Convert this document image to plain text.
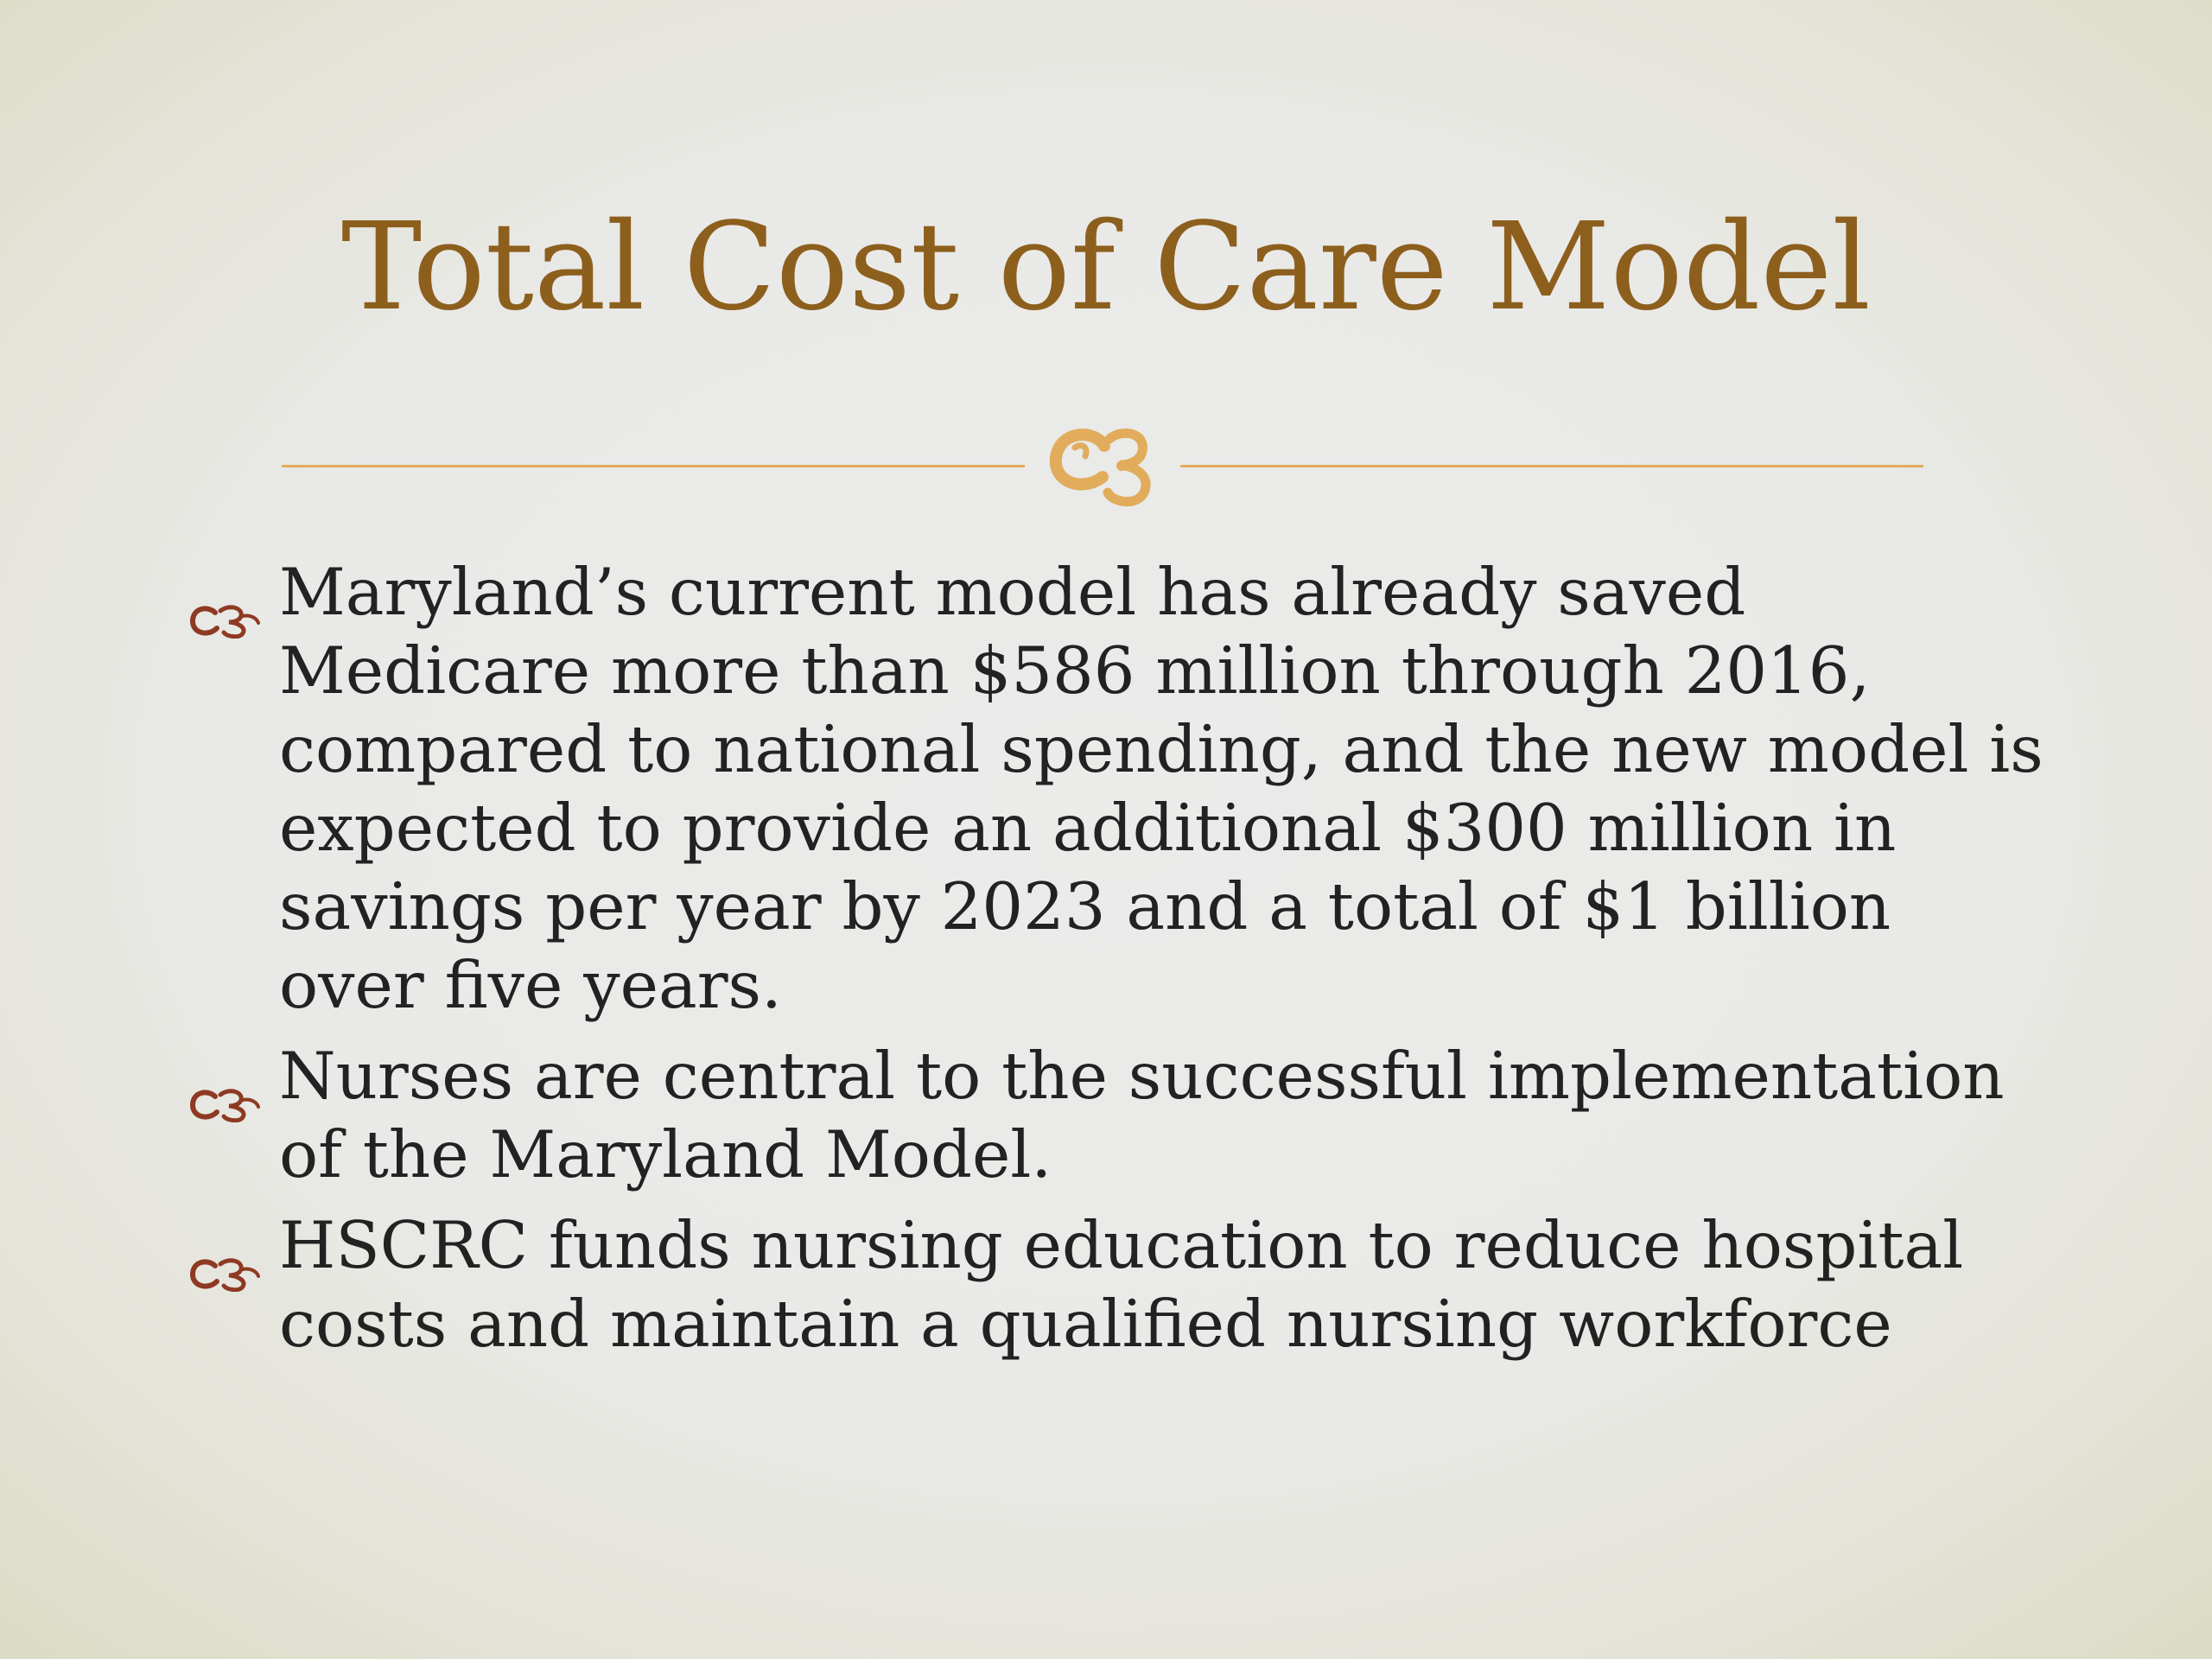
Total Cost of Care Model
Maryland’s current model has already saved Medicare more than $586 million through 2016, compared to national spending, and the new model is expected to provide an additional $300 million in savings per year by 2023 and a total of $1 billion over five years.
Nurses are central to the successful implementation of the Maryland Model.
HSCRC funds nursing education to reduce hospital costs and maintain a qualified nursing workforce
